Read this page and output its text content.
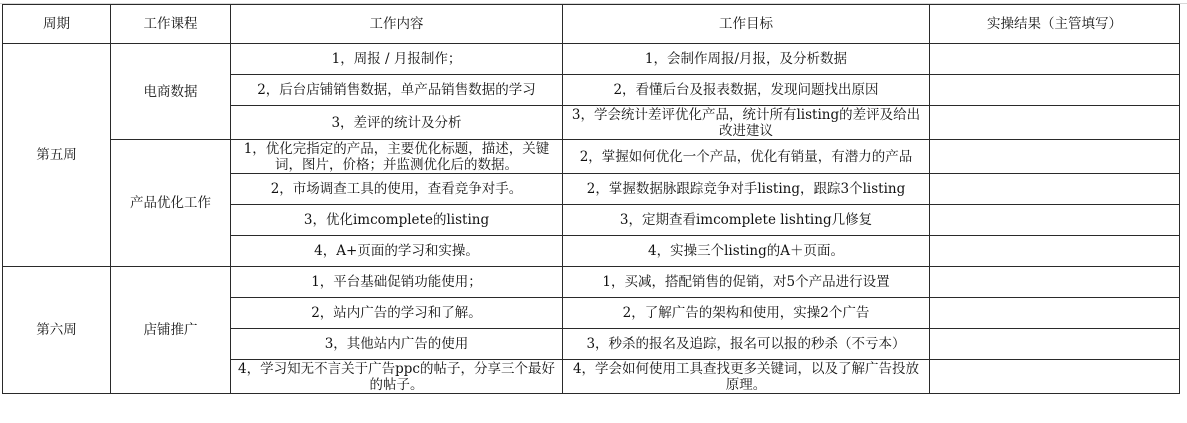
周期	工作课程	工作内容	工作目标	实操结果（主管填写）
第五周	电商数据	1，周报 / 月报制作；	1，会制作周报/月报，及分析数据	
		2，后台店铺销售数据，单产品销售数据的学习	2，看懂后台及报表数据，发现问题找出原因	
		3，差评的统计及分析	3，学会统计差评优化产品，统计所有listing的差评及给出改进建议	
	产品优化工作	1，优化完指定的产品，主要优化标题，描述，关键词，图片，价格；并监测优化后的数据。	2，掌握如何优化一个产品，优化有销量，有潜力的产品	
		2，市场调查工具的使用，查看竞争对手。	2，掌握数据脉跟踪竞争对手listing，跟踪3个listing	
		3，优化imcomplete的listing	3，定期查看imcomplete lishting几修复	
		4，A+页面的学习和实操。	4，实操三个listing的A＋页面。	
第六周	店铺推广	1，平台基础促销功能使用；	1，买减，搭配销售的促销，对5个产品进行设置	
		2，站内广告的学习和了解。	2，了解广告的架构和使用，实操2个广告	
		3，其他站内广告的使用	3，秒杀的报名及追踪，报名可以报的秒杀（不亏本）	
		4，学习知无不言关于广告ppc的帖子，分享三个最好的帖子。	4，学会如何使用工具查找更多关键词，以及了解广告投放原理。	
